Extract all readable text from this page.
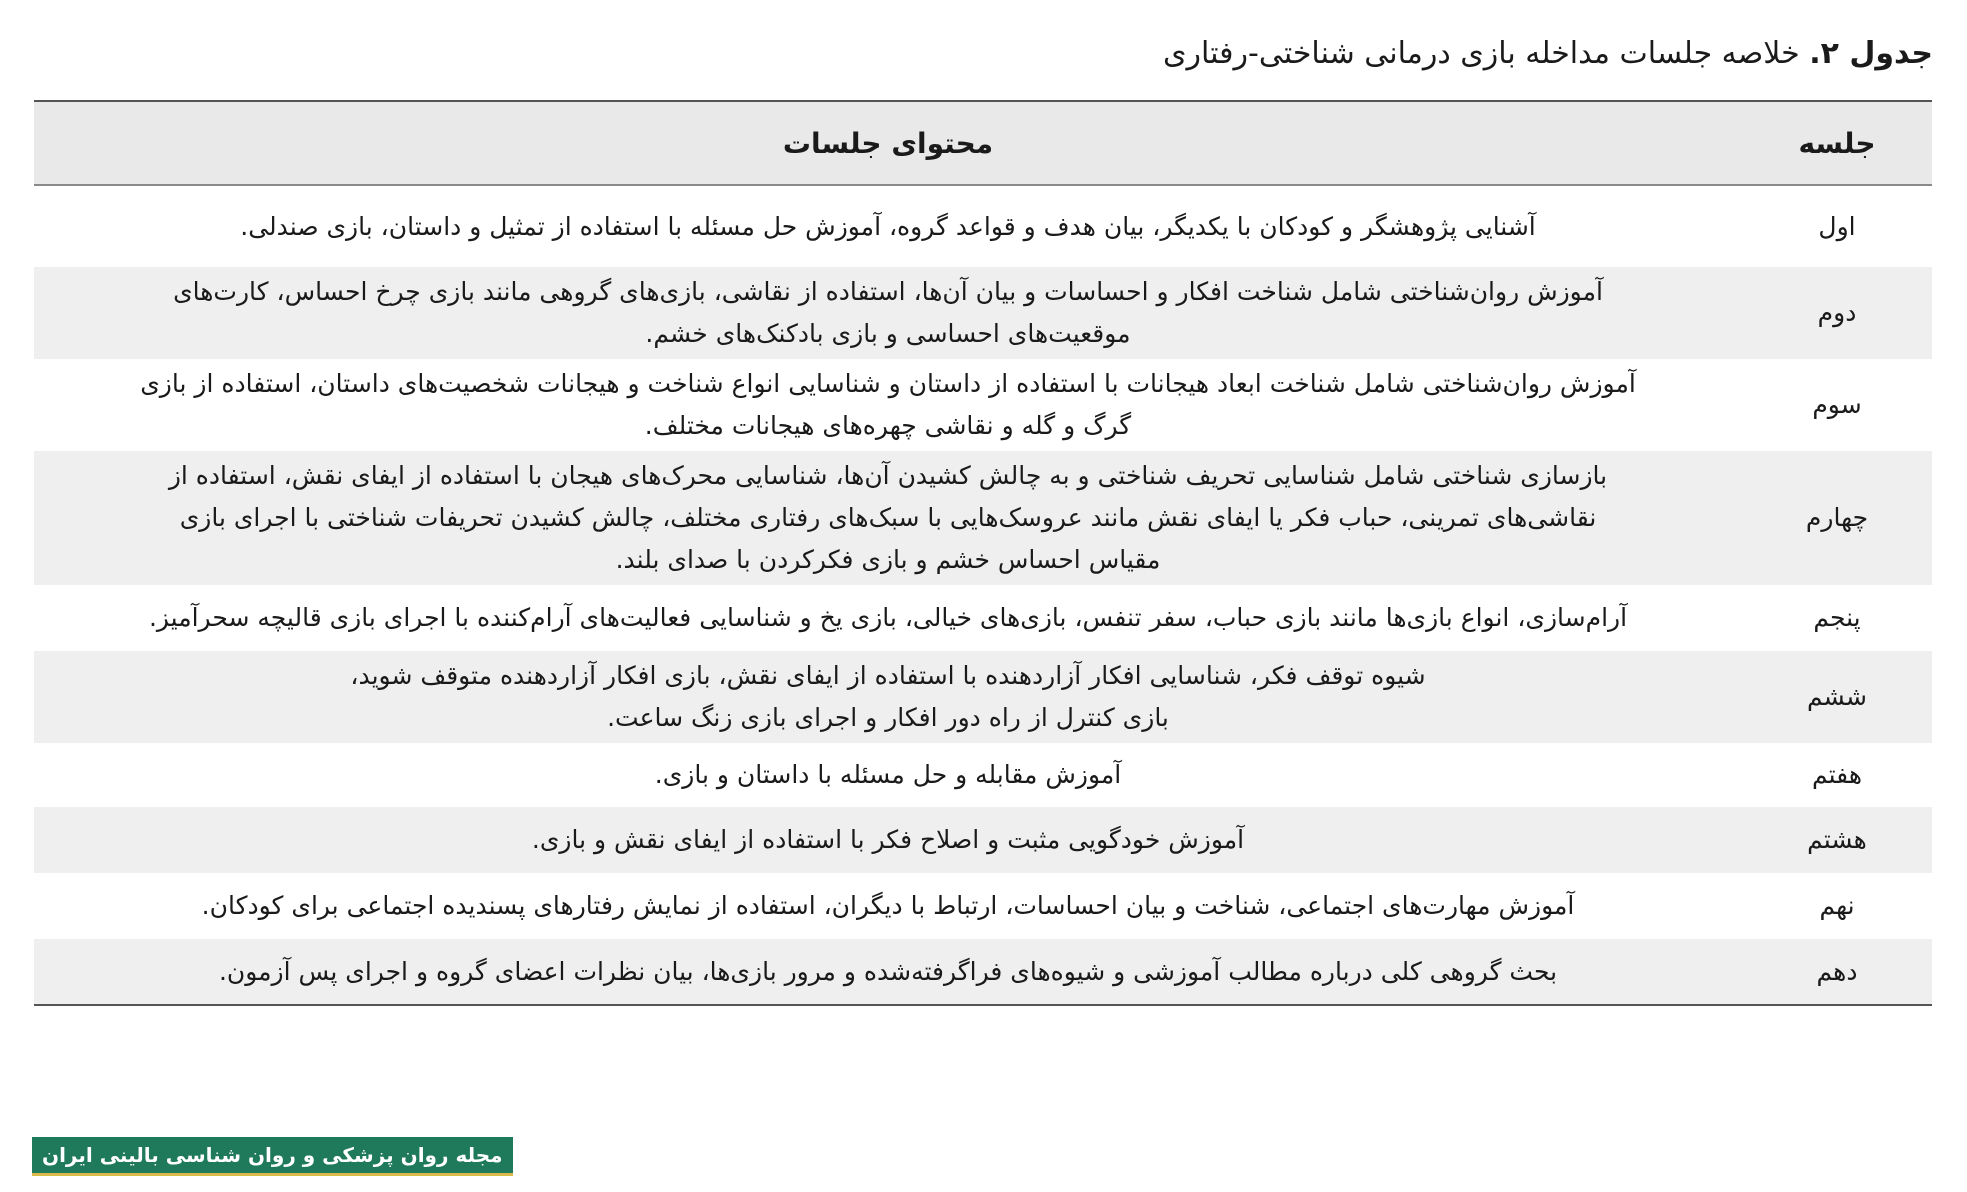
جدول ۲. خلاصه جلسات مداخله بازی درمانی شناختی-رفتاری
جلسه	محتوای جلسات
اول	آشنایی پژوهشگر و کودکان با یکدیگر، بیان هدف و قواعد گروه، آموزش حل مسئله با استفاده از تمثیل و داستان، بازی صندلی.

دوم	آموزش روان‌شناختی شامل شناخت افکار و احساسات و بیان آن‌ها، استفاده از نقاشی، بازی‌های گروهی مانند بازی چرخ احساس، کارت‌های
موقعیت‌های احساسی و بازی بادکنک‌های خشم.

سوم	آموزش روان‌شناختی شامل شناخت ابعاد هیجانات با استفاده از داستان و شناسایی انواع شناخت و هیجانات شخصیت‌های داستان، استفاده از بازی
گرگ و گله و نقاشی چهره‌های هیجانات مختلف.

چهارم	بازسازی شناختی شامل شناسایی تحریف شناختی و به چالش کشیدن آن‌ها، شناسایی محرک‌های هیجان با استفاده از ایفای نقش، استفاده از
نقاشی‌های تمرینی، حباب فکر یا ایفای نقش مانند عروسک‌هایی با سبک‌های رفتاری مختلف، چالش کشیدن تحریفات شناختی با اجرای بازی
مقیاس احساس خشم و بازی فکرکردن با صدای بلند.

پنجم	آرام‌سازی، انواع بازی‌ها مانند بازی حباب، سفر تنفس، بازی‌های خیالی، بازی یخ و شناسایی فعالیت‌های آرام‌کننده با اجرای بازی قالیچه سحرآمیز.

ششم	شیوه توقف فکر، شناسایی افکار آزاردهنده با استفاده از ایفای نقش، بازی افکار آزاردهنده متوقف شوید،
بازی کنترل از راه دور افکار و اجرای بازی زنگ ساعت.

هفتم	آموزش مقابله و حل مسئله با داستان و بازی.

هشتم	آموزش خودگویی مثبت و اصلاح فکر با استفاده از ایفای نقش و بازی.

نهم	آموزش مهارت‌های اجتماعی، شناخت و بیان احساسات، ارتباط با دیگران، استفاده از نمایش رفتارهای پسندیده اجتماعی برای کودکان.

دهم	بحث گروهی کلی درباره مطالب آموزشی و شیوه‌های فراگرفته‌شده و مرور بازی‌ها، بیان نظرات اعضای گروه و اجرای پس آزمون.
مجله روان پزشکی و روان شناسی بالینی ایران
